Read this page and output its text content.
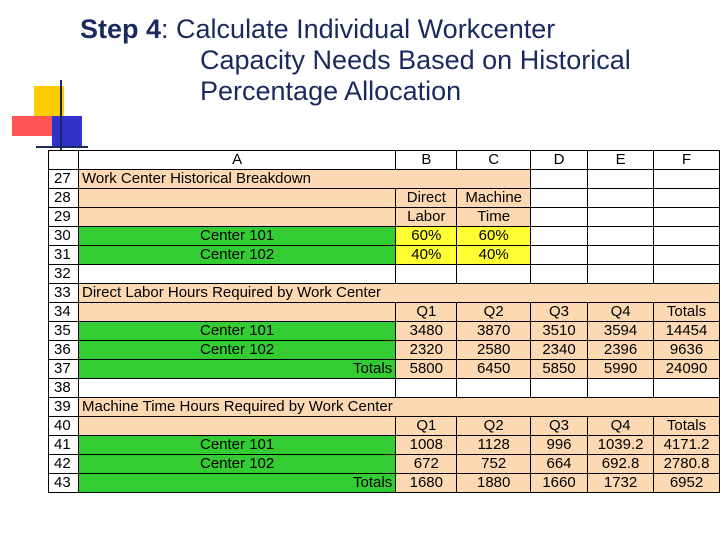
Step 4: Calculate Individual Workcenter
Capacity Needs Based on Historical
Percentage Allocation
	A	B	C	D	E	F
27	Work Center Historical Breakdown					
28		Direct	Machine			
29		Labor	Time			
30	Center 101	60%	60%			
31	Center 102	40%	40%			
32						
33	Direct Labor Hours Required by Work Center					
34		Q1	Q2	Q3	Q4	Totals
35	Center 101	3480	3870	3510	3594	14454
36	Center 102	2320	2580	2340	2396	9636
37	Totals	5800	6450	5850	5990	24090
38						
39	Machine Time Hours Required by Work Center					
40		Q1	Q2	Q3	Q4	Totals
41	Center 101	1008	1128	996	1039.2	4171.2
42	Center 102	672	752	664	692.8	2780.8
43	Totals	1680	1880	1660	1732	6952
